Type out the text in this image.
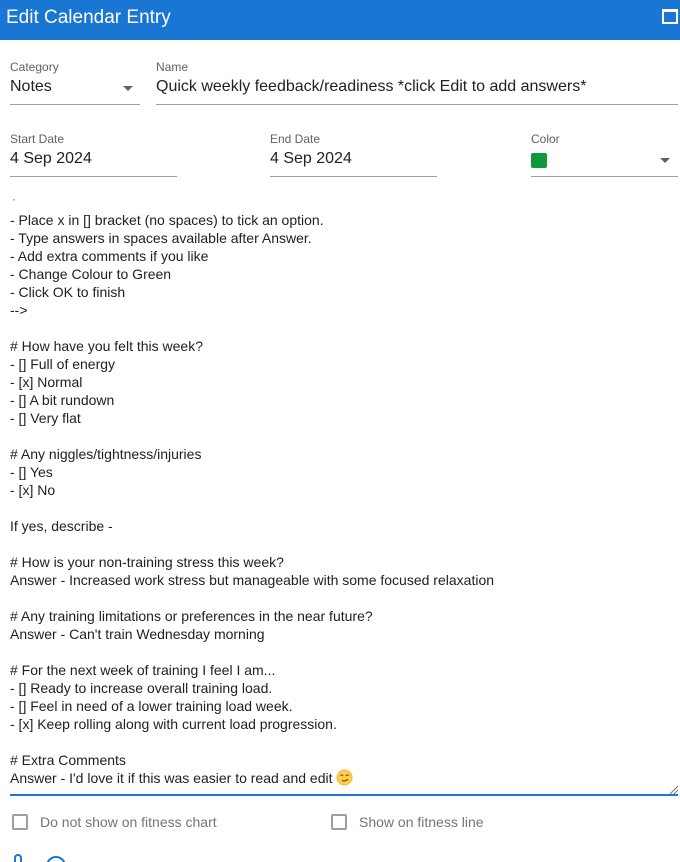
Edit Calendar Entry
Category
Notes
Name
Quick weekly feedback/readiness *click Edit to add answers*
Start Date
4 Sep 2024
End Date
4 Sep 2024
Color
·
- Place x in [] bracket (no spaces) to tick an option.
- Type answers in spaces available after Answer.
- Add extra comments if you like
- Change Colour to Green
- Click OK to finish
-->
# How have you felt this week?
- [] Full of energy
- [x] Normal
- [] A bit rundown
- [] Very flat
# Any niggles/tightness/injuries
- [] Yes
- [x] No
If yes, describe -
# How is your non-training stress this week?
Answer - Increased work stress but manageable with some focused relaxation
# Any training limitations or preferences in the near future?
Answer - Can't train Wednesday morning
# For the next week of training I feel I am...
- [] Ready to increase overall training load.
- [] Feel in need of a lower training load week.
- [x] Keep rolling along with current load progression.
# Extra Comments
Answer - I'd love it if this was easier to read and edit
Do not show on fitness chart	Show on fitness line
